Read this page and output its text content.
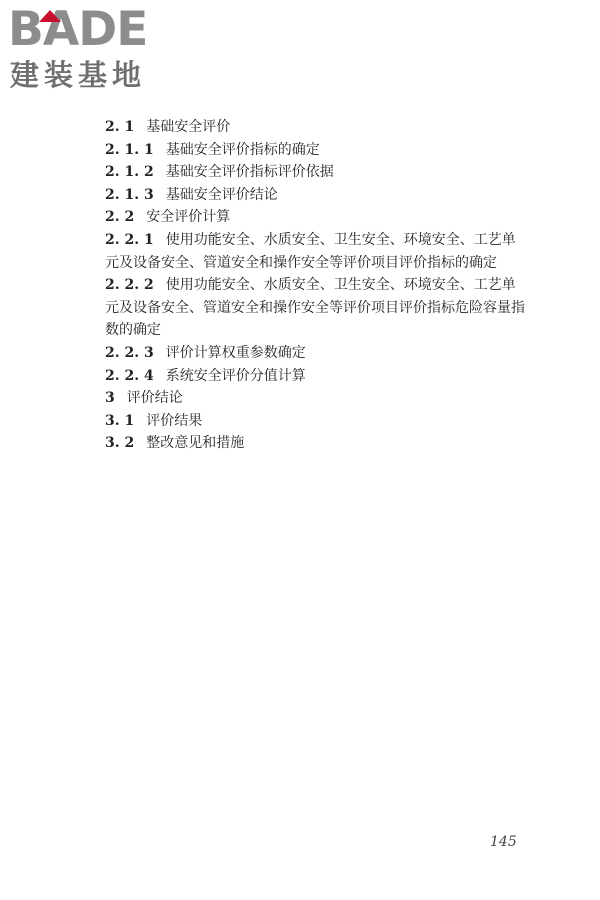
BADE
建装基地

2. 1 基础安全评价

2. 1. 1 基础安全评价指标的确定

2. 1. 2 基础安全评价指标评价依据

2. 1. 3 基础安全评价结论

2. 2 安全评价计算

2. 2. 1 使用功能安全、水质安全、卫生安全、环境安全、工艺单元及设备安全、管道安全和操作安全等评价项目评价指标的确定

2. 2. 2 使用功能安全、水质安全、卫生安全、环境安全、工艺单元及设备安全、管道安全和操作安全等评价项目评价指标危险容量指数的确定

2. 2. 3 评价计算权重参数确定

2. 2. 4 系统安全评价分值计算

3 评价结论

3. 1 评价结果

3. 2 整改意见和措施

145
